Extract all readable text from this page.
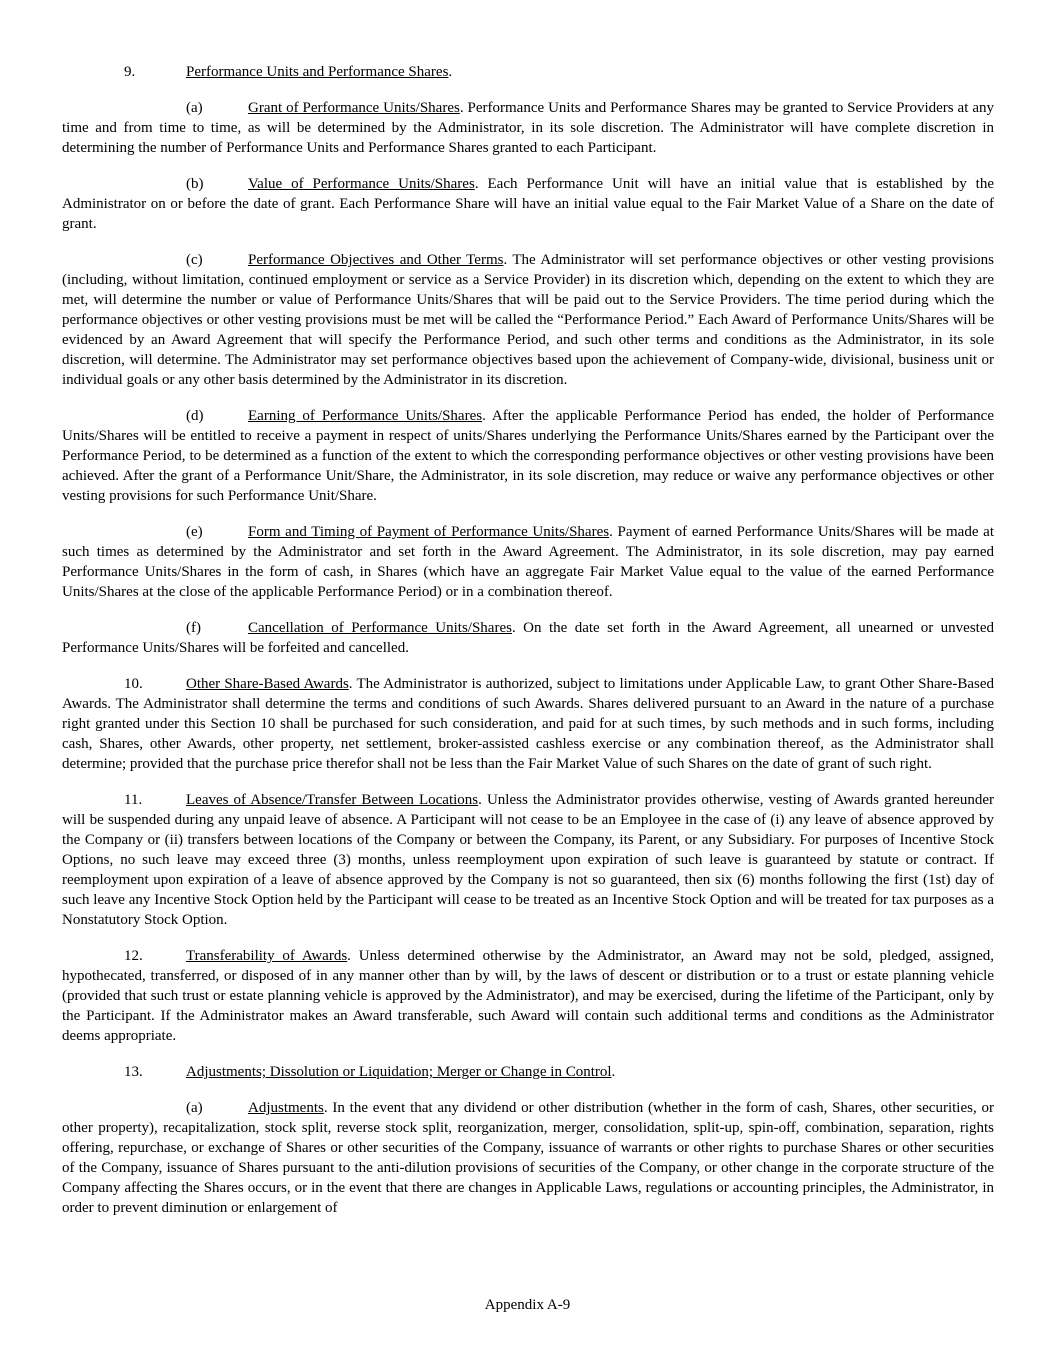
9.	Performance Units and Performance Shares.

(a)	Grant of Performance Units/Shares. Performance Units and Performance Shares may be granted to Service Providers at any time and from time to time, as will be determined by the Administrator, in its sole discretion. The Administrator will have complete discretion in determining the number of Performance Units and Performance Shares granted to each Participant.

(b)	Value of Performance Units/Shares. Each Performance Unit will have an initial value that is established by the Administrator on or before the date of grant. Each Performance Share will have an initial value equal to the Fair Market Value of a Share on the date of grant.

(c)	Performance Objectives and Other Terms. The Administrator will set performance objectives or other vesting provisions (including, without limitation, continued employment or service as a Service Provider) in its discretion which, depending on the extent to which they are met, will determine the number or value of Performance Units/Shares that will be paid out to the Service Providers. The time period during which the performance objectives or other vesting provisions must be met will be called the “Performance Period.” Each Award of Performance Units/Shares will be evidenced by an Award Agreement that will specify the Performance Period, and such other terms and conditions as the Administrator, in its sole discretion, will determine. The Administrator may set performance objectives based upon the achievement of Company-wide, divisional, business unit or individual goals or any other basis determined by the Administrator in its discretion.

(d)	Earning of Performance Units/Shares. After the applicable Performance Period has ended, the holder of Performance Units/Shares will be entitled to receive a payment in respect of units/Shares underlying the Performance Units/Shares earned by the Participant over the Performance Period, to be determined as a function of the extent to which the corresponding performance objectives or other vesting provisions have been achieved. After the grant of a Performance Unit/Share, the Administrator, in its sole discretion, may reduce or waive any performance objectives or other vesting provisions for such Performance Unit/Share.

(e)	Form and Timing of Payment of Performance Units/Shares. Payment of earned Performance Units/Shares will be made at such times as determined by the Administrator and set forth in the Award Agreement. The Administrator, in its sole discretion, may pay earned Performance Units/Shares in the form of cash, in Shares (which have an aggregate Fair Market Value equal to the value of the earned Performance Units/Shares at the close of the applicable Performance Period) or in a combination thereof.

(f)	Cancellation of Performance Units/Shares. On the date set forth in the Award Agreement, all unearned or unvested Performance Units/Shares will be forfeited and cancelled.

10.	Other Share-Based Awards. The Administrator is authorized, subject to limitations under Applicable Law, to grant Other Share-Based Awards. The Administrator shall determine the terms and conditions of such Awards. Shares delivered pursuant to an Award in the nature of a purchase right granted under this Section 10 shall be purchased for such consideration, and paid for at such times, by such methods and in such forms, including cash, Shares, other Awards, other property, net settlement, broker-assisted cashless exercise or any combination thereof, as the Administrator shall determine; provided that the purchase price therefor shall not be less than the Fair Market Value of such Shares on the date of grant of such right.

11.	Leaves of Absence/Transfer Between Locations. Unless the Administrator provides otherwise, vesting of Awards granted hereunder will be suspended during any unpaid leave of absence. A Participant will not cease to be an Employee in the case of (i) any leave of absence approved by the Company or (ii) transfers between locations of the Company or between the Company, its Parent, or any Subsidiary. For purposes of Incentive Stock Options, no such leave may exceed three (3) months, unless reemployment upon expiration of such leave is guaranteed by statute or contract. If reemployment upon expiration of a leave of absence approved by the Company is not so guaranteed, then six (6) months following the first (1st) day of such leave any Incentive Stock Option held by the Participant will cease to be treated as an Incentive Stock Option and will be treated for tax purposes as a Nonstatutory Stock Option.

12.	Transferability of Awards. Unless determined otherwise by the Administrator, an Award may not be sold, pledged, assigned, hypothecated, transferred, or disposed of in any manner other than by will, by the laws of descent or distribution or to a trust or estate planning vehicle (provided that such trust or estate planning vehicle is approved by the Administrator), and may be exercised, during the lifetime of the Participant, only by the Participant. If the Administrator makes an Award transferable, such Award will contain such additional terms and conditions as the Administrator deems appropriate.

13.	Adjustments; Dissolution or Liquidation; Merger or Change in Control.

(a)	Adjustments. In the event that any dividend or other distribution (whether in the form of cash, Shares, other securities, or other property), recapitalization, stock split, reverse stock split, reorganization, merger, consolidation, split-up, spin-off, combination, separation, rights offering, repurchase, or exchange of Shares or other securities of the Company, issuance of warrants or other rights to purchase Shares or other securities of the Company, issuance of Shares pursuant to the anti-dilution provisions of securities of the Company, or other change in the corporate structure of the Company affecting the Shares occurs, or in the event that there are changes in Applicable Laws, regulations or accounting principles, the Administrator, in order to prevent diminution or enlargement of

Appendix A-9
